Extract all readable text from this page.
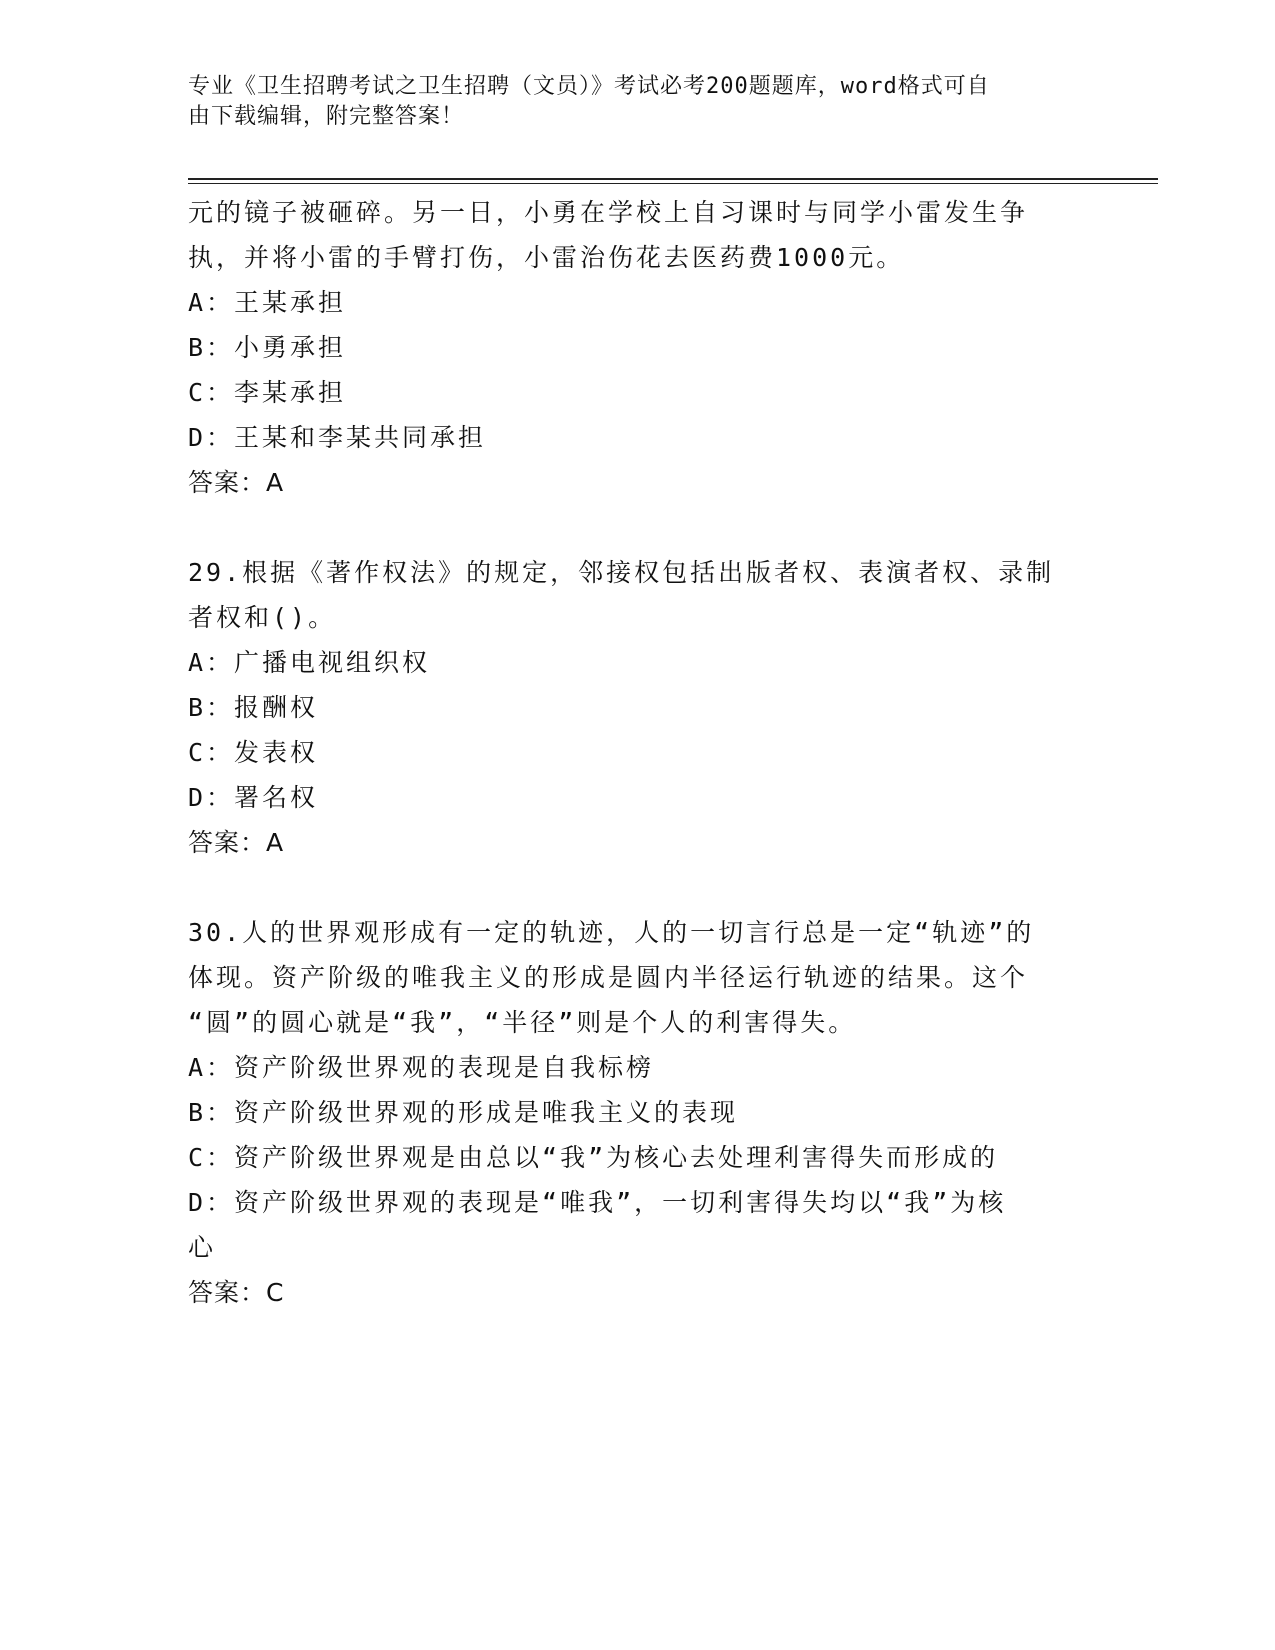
专业《卫生招聘考试之卫生招聘（文员）》考试必考200题题库，word格式可自
由下载编辑，附完整答案！
元的镜子被砸碎。另一日，小勇在学校上自习课时与同学小雷发生争
执，并将小雷的手臂打伤，小雷治伤花去医药费1000元。
A：王某承担
B：小勇承担
C：李某承担
D：王某和李某共同承担
答案：A
29.根据《著作权法》的规定，邻接权包括出版者权、表演者权、录制
者权和()。
A：广播电视组织权
B：报酬权
C：发表权
D：署名权
答案：A
30.人的世界观形成有一定的轨迹，人的一切言行总是一定“轨迹”的
体现。资产阶级的唯我主义的形成是圆内半径运行轨迹的结果。这个
“圆”的圆心就是“我”，“半径”则是个人的利害得失。
A：资产阶级世界观的表现是自我标榜
B：资产阶级世界观的形成是唯我主义的表现
C：资产阶级世界观是由总以“我”为核心去处理利害得失而形成的
D：资产阶级世界观的表现是“唯我”，一切利害得失均以“我”为核
心
答案：C
